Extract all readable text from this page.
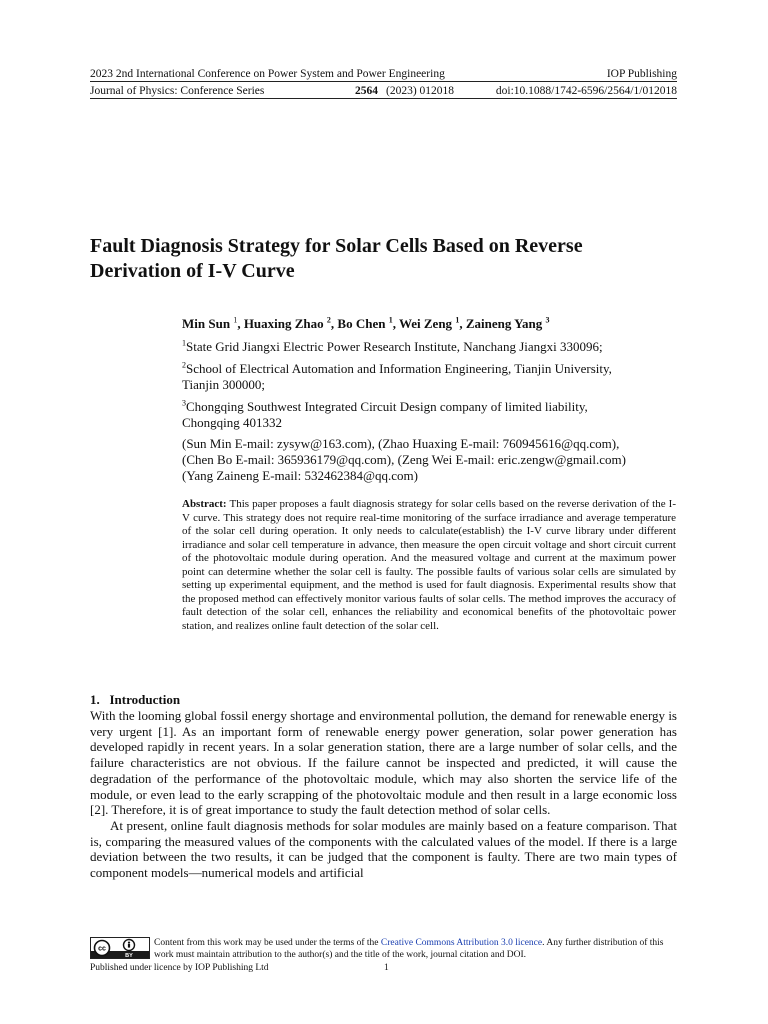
2023 2nd International Conference on Power System and Power Engineering	IOP Publishing
Journal of Physics: Conference Series	2564 (2023) 012018	doi:10.1088/1742-6596/2564/1/012018
Fault Diagnosis Strategy for Solar Cells Based on Reverse
Derivation of I-V Curve
Min Sun $^1$, Huaxing Zhao $^2$, Bo Chen $^1$, Wei Zeng $^1$, Zaineng Yang $^3$
$^1$State Grid Jiangxi Electric Power Research Institute, Nanchang Jiangxi 330096;
$^2$School of Electrical Automation and Information Engineering, Tianjin University,
Tianjin 300000;
$^3$Chongqing Southwest Integrated Circuit Design company of limited liability,
Chongqing 401332
(Sun Min E-mail: zysyw@163.com), (Zhao Huaxing E-mail: 760945616@qq.com),
(Chen Bo E-mail: 365936179@qq.com), (Zeng Wei E-mail: eric.zengw@gmail.com)
(Yang Zaineng E-mail: 532462384@qq.com)
Abstract: This paper proposes a fault diagnosis strategy for solar cells based on the reverse derivation of the I-V curve. This strategy does not require real-time monitoring of the surface irradiance and average temperature of the solar cell during operation. It only needs to calculate(establish) the I-V curve library under different irradiance and solar cell temperature in advance, then measure the open circuit voltage and short circuit current of the photovoltaic module during operation. And the measured voltage and current at the maximum power point can determine whether the solar cell is faulty. The possible faults of various solar cells are simulated by setting up experimental equipment, and the method is used for fault diagnosis. Experimental results show that the proposed method can effectively monitor various faults of solar cells. The method improves the accuracy of fault detection of the solar cell, enhances the reliability and economical benefits of the photovoltaic power station, and realizes online fault detection of the solar cell.
1. Introduction

With the looming global fossil energy shortage and environmental pollution, the demand for renewable energy is very urgent [1]. As an important form of renewable energy power generation, solar power generation has developed rapidly in recent years. In a solar generation station, there are a large number of solar cells, and the failure characteristics are not obvious. If the failure cannot be inspected and predicted, it will cause the degradation of the performance of the photovoltaic module, which may also shorten the service life of the module, or even lead to the early scrapping of the photovoltaic module and then result in a large economic loss [2]. Therefore, it is of great importance to study the fault detection method of solar cells.

At present, online fault diagnosis methods for solar modules are mainly based on a feature comparison. That is, comparing the measured values of the components with the calculated values of the model. If there is a large deviation between the two results, it can be judged that the component is faulty. There are two main types of component models—numerical models and artificial

cc
BY
Content from this work may be used under the terms of the Creative Commons Attribution 3.0 licence. Any further distribution of this work must maintain attribution to the author(s) and the title of the work, journal citation and DOI.
Published under licence by IOP Publishing Ltd	1
